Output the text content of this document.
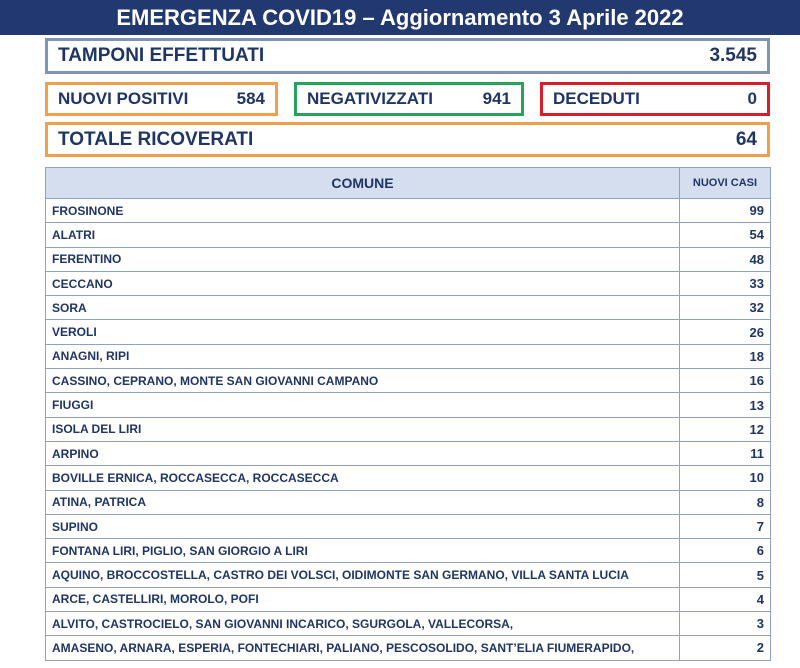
EMERGENZA COVID19 – Aggiornamento 3 Aprile 2022
TAMPONI EFFETTUATI	3.545
NUOVI POSITIVI	584 NEGATIVIZZATI	941 DECEDUTI	0
TOTALE RICOVERATI	64
COMUNE	NUOVI CASI
FROSINONE	99
ALATRI	54
FERENTINO	48
CECCANO	33
SORA	32
VEROLI	26
ANAGNI, RIPI	18
CASSINO, CEPRANO, MONTE SAN GIOVANNI CAMPANO	16
FIUGGI	13
ISOLA DEL LIRI	12
ARPINO	11
BOVILLE ERNICA, ROCCASECCA, ROCCASECCA	10
ATINA, PATRICA	8
SUPINO	7
FONTANA LIRI, PIGLIO, SAN GIORGIO A LIRI	6
AQUINO, BROCCOSTELLA, CASTRO DEI VOLSCI, OIDIMONTE SAN GERMANO, VILLA SANTA LUCIA	5
ARCE, CASTELLIRI, MOROLO, POFI	4
ALVITO, CASTROCIELO, SAN GIOVANNI INCARICO, SGURGOLA, VALLECORSA,	3
AMASENO, ARNARA, ESPERIA, FONTECHIARI, PALIANO, PESCOSOLIDO, SANT’ELIA FIUMERAPIDO,	2
